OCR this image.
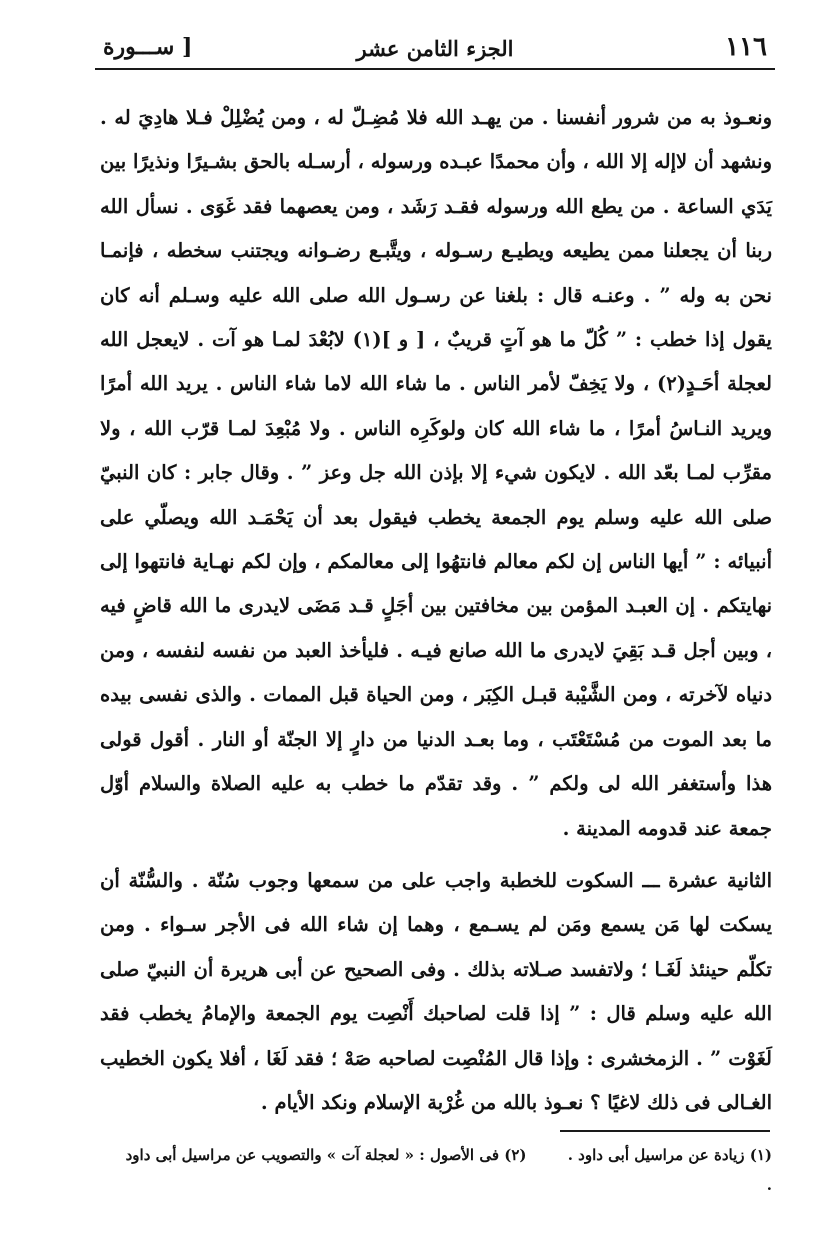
١١٦
الجزء الثامن عشر
[ ســـورة

ونعـوذ به من شرور أنفسنا . من يهـد الله فلا مُضِـلّ له ، ومن يُضْلِلْ فـلا هادِيَ له . ونشهد أن لاإله إلا الله ، وأن محمدًا عبـده ورسوله ، أرسـله بالحق بشـيرًا ونذيرًا بين يَدَي الساعة . من يطع الله ورسوله فقـد رَشَد ، ومن يعصهما فقد غَوَى . نسأل الله ربنا أن يجعلنا ممن يطيعه ويطيـع رسـوله ، ويتَّبـع رضـوانه ويجتنب سخطه ، فإنمـا نحن به وله ” . وعنـه قال : بلغنا عن رسـول الله صلى الله عليه وسـلم أنه كان يقول إذا خطب : ” كُلّ ما هو آتٍ قريبٌ ، [ و ](١) لابُعْدَ لمـا هو آت . لايعجل الله لعجلة أحَـدٍ(٢) ، ولا يَخِفّ لأمر الناس . ما شاء الله لاما شاء الناس . يريد الله أمرًا ويريد النـاسُ أمرًا ، ما شاء الله كان ولوكَرِه الناس . ولا مُبْعِدَ لمـا قرّب الله ، ولا مقرِّب لمـا بعّد الله . لايكون شيء إلا بإذن الله جل وعز ” . وقال جابر : كان النبيّ صلى الله عليه وسلم يوم الجمعة يخطب فيقول بعد أن يَحْمَـد الله ويصلّي على أنبيائه : ” أيها الناس إن لكم معالم فانتهُوا إلى معالمكم ، وإن لكم نهـاية فانتهوا إلى نهايتكم . إن العبـد المؤمن بين مخافتين بين أجَلٍ قـد مَضَى لايدرى ما الله قاضٍ فيه ، وبين أجل قـد بَقِيَ لايدرى ما الله صانع فيـه . فليأخذ العبد من نفسه لنفسه ، ومن دنياه لآخرته ، ومن الشَّيْبة قبـل الكِبَر ، ومن الحياة قبل الممات . والذى نفسى بيده ما بعد الموت من مُسْتَعْتَب ، وما بعـد الدنيا من دارٍ إلا الجنّة أو النار . أقول قولى هذا وأستغفر الله لى ولكم ” . وقد تقدّم ما خطب به عليه الصلاة والسلام أوّل جمعة عند قدومه المدينة .

الثانية عشرة ـــ السكوت للخطبة واجب على من سمعها وجوب سُنّة . والسُّنّة أن يسكت لها مَن يسمع ومَن لم يسـمع ، وهما إن شاء الله فى الأجر سـواء . ومن تكلّم حينئذ لَغَـا ؛ ولاتفسد صـلاته بذلك . وفى الصحيح عن أبى هريرة أن النبيّ صلى الله عليه وسلم قال : ” إذا قلت لصاحبك أَنْصِت يوم الجمعة والإمامُ يخطب فقد لَغَوْت ” . الزمخشرى : وإذا قال المُنْصِت لصاحبه صَهْ ؛ فقد لَغَا ، أفلا يكون الخطيب الغـالى فى ذلك لاغيًا ؟ نعـوذ بالله من غُرْبة الإسلام ونكد الأيام .

(١) زيادة عن مراسيل أبى داود . (٢) فى الأصول : « لعجلة آت » والتصويب عن مراسيل أبى داود .
